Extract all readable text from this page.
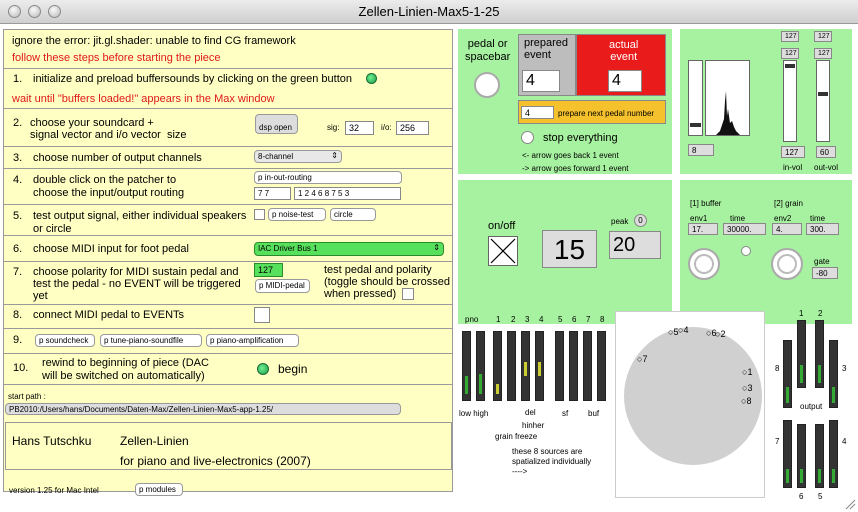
Zellen-Linien-Max5-1-25
ignore the error: jit.gl.shader: unable to find CG framework
follow these steps before starting the piece
1. initialize and preload buffersounds by clicking on the green button
wait until "buffers loaded!" appears in the Max window
2. choose your soundcard +
signal vector and i/o vector  size
dsp open	sig:	32	i/o: 256
3. choose number of output channels	8-channel	⇕
4. double click on the patcher to
choose the input/output routing
p in-out-routing
7 7	1 2 4 6 8 7 5 3
5. test output signal, either individual speakers
or circle
p noise-test	circle
6. choose MIDI input for foot pedal	IAC Driver Bus 1	⇕
7. choose polarity for MIDI sustain pedal and
test the pedal - no EVENT will be triggered
yet
127
p MIDI-pedal
test pedal and polarity
(toggle should be crossed
when pressed)
8. connect MIDI pedal to EVENTs
9.	p soundcheck	p tune-piano-soundfile	p piano-amplification
10. rewind to beginning of piece (DAC
will be switched on automatically)	begin
start path :
PB2010:/Users/hans/Documents/Daten-Max/Zellen-Linien-Max5-app-1.25/
Hans Tutschku Zellen-Linien
for piano and live-electronics (2007)
version 1.25 for Mac Intel	p modules
pedal or
spacebar
prepared
event
4
actual
event
4
4	prepare next pedal number
stop everything
<- arrow goes back 1 event
-> arrow goes forward 1 event
8
127
127
127
in-vol
127
127
60
out-vol
on/off
15
peak	0
20
[1] buffer	[2] grain
env1	time	env2 time
17.	30000.	4.	300.
gate
-80
pno 1 2 3 4 5 6 7 8
low high	del	sf buf
hinher
grain freeze
○5 ○4 ○6
○2
○7
○1
○3
○8
these 8 sources are
spatialized individually
---->
1 2
8	3
7	4
6 5
output
